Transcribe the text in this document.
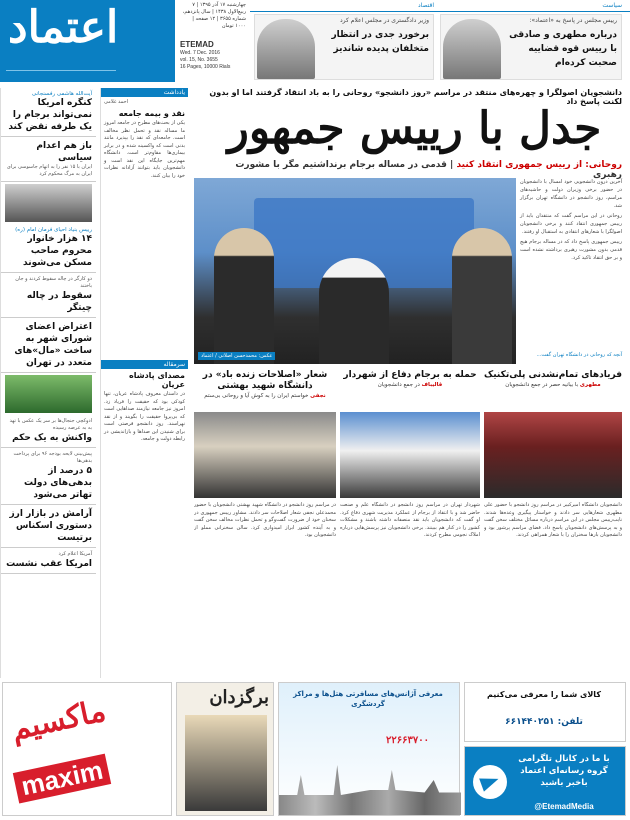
اعتماد	چهارشنبه ۱۷ آذر ۱۳۹۵ | ۷ ربیع‌الاول ۱۴۳۸ | سال پانزدهم، شماره ۳۶۵۵ | ۱۲ صفحه | ۱۰۰۰ تومان
ETEMAD
Wed. 7 Dec. 2016
vol. 15, No. 3655
16 Pages, 10000 Rials
سیاست
رییس مجلس در پاسخ به «اعتماد»:
درباره مطهری و صادقی با رییس قوه قضاییه صحبت کرده‌ام
اقتصاد
وزیر دادگستری در مجلس اعلام کرد
برخورد جدی در انتظار متخلفان پدیده شاندیز
دانشجویان اصولگرا و چهره‌های منتقد در مراسم «روز دانشجو» روحانی را به باد انتقاد گرفتند اما او بدون لکنت پاسخ داد
جدل با رییس جمهور
روحانی: از رییس جمهوری انتقاد کنید | قدمی در مساله برجام برنداشتیم مگر با مشورت رهبری

آخرین درون دانشجویی خود امسال با دانشجویان در حضور برخی وزیران دولت و حاشیه‌های مراسم، روز دانشجو در دانشگاه تهران برگزار شد.

روحانی در این مراسم گفت که منتقدان باید از رییس جمهوری انتقاد کنند و برخی دانشجویان اصولگرا با شعارهای انتقادی به استقبال او رفتند.

رییس جمهوری پاسخ داد که در مساله برجام هیچ قدمی بدون مشورت رهبری برداشته نشده است و بر حق انتقاد تاکید کرد.

آنچه که روحانی در دانشگاه تهران گفت...
عکس: محمدحسن اصلانی / اعتماد
فریادهای تمام‌نشدنی پلی‌تکنیک
مطهری با بیانیه حصر در جمع دانشجویان
حمله به برجام دفاع از شهردار
قالیباف در جمع دانشجویان
شعار «اصلاحات زنده باد» در دانشگاه شهید بهشتی
نجفی خواستم ایران را به کوش آیا و روحانی بی‌ستم
دانشجویان دانشگاه امیرکبیر در مراسم روز دانشجو با حضور علی مطهری شعارهایی سر دادند و خواستار پیگیری وعده‌ها شدند. نایب‌رییس مجلس در این مراسم درباره مسائل مختلف سخن گفت و به پرسش‌های دانشجویان پاسخ داد. فضای مراسم پرشور بود و دانشجویان بارها سخنران را با شعار همراهی کردند.
شهردار تهران در مراسم روز دانشجو در دانشگاه علم و صنعت حاضر شد و با انتقاد از برجام از عملکرد مدیریت شهری دفاع کرد. او گفت که دانشجویان باید نقد منصفانه داشته باشند و مشکلات کشور را در کنار هم ببینند. برخی دانشجویان نیز پرسش‌هایی درباره املاک نجومی مطرح کردند.
در مراسم روز دانشجو در دانشگاه شهید بهشتی دانشجویان با حضور محمدعلی نجفی شعار اصلاحات سر دادند. مشاور رییس جمهوری در سخنان خود از ضرورت گفت‌وگو و تحمل نظرات مخالف سخن گفت و به آینده کشور ابراز امیدواری کرد. سالن سخنرانی مملو از دانشجویان بود.
یادداشت
احمد غلامی
نقد و بیمه جامعه
یکی از بحث‌های مطرح در جامعه امروز ما مساله نقد و تحمل نظر مخالف است. جامعه‌ای که نقد را بپذیرد مانند بدنی است که واکسینه شده و در برابر بیماری‌ها مقاوم‌تر است. دانشگاه مهم‌ترین جایگاه این نقد است و دانشجویان باید بتوانند آزادانه نظرات خود را بیان کنند.
سرمقاله
مصدای پادشاه عریان
در داستان معروف پادشاه عریان، تنها کودکی بود که حقیقت را فریاد زد. امروز نیز جامعه نیازمند صداهایی است که بی‌پروا حقیقت را بگویند و از نقد نهراسند. روز دانشجو فرصتی است برای شنیدن این صداها و بازاندیشی در رابطه دولت و جامعه.
آیت‌الله هاشمی رفسنجانی
کنگره امریکا نمی‌تواند برجام را یک طرفه نقض کند
باز هم اعدام سیاسی
ایران با ۱۵ نفر را به اتهام جاسوسی برای ایران به مرگ محکوم کرد
رییس بنیاد احیای فرمان امام (ره)
۱۴ هزار خانوار محروم صاحب مسکن می‌شوند
دو کارگر در چاله سقوط کردند و جان باختند
سقوط در چاله چیتگر
اعتراض اعضای شورای شهر به ساخت «مال»های متعدد در تهران
ادوکچی جنجال‌ها بر سر یک عکس با تهد به به عرصه رسیده
واکنش به یک حکم
پیش‌بینی لایحه بودجه ۹۶ برای پرداخت بدهی‌ها
۵ درصد از بدهی‌های دولت تهاتر می‌شود
آرامش در بازار ارز دستوری اسکناس برتیست
آمریکا اعلام کرد
امریکا عقب نشست
ماکسیم
maxim
برگزدان	معرفی آژانس‌های مسافرتی هتل‌ها و مراکز گردشگری
۲۲۶۶۳۷۰۰
کالای شما را معرفی می‌کنیم
تلفن: ۶۶۱۴۴۰۲۵۱
با ما در کانال تلگرامی گروه رسانه‌ای اعتماد باخبر باشید
@EtemadMedia
